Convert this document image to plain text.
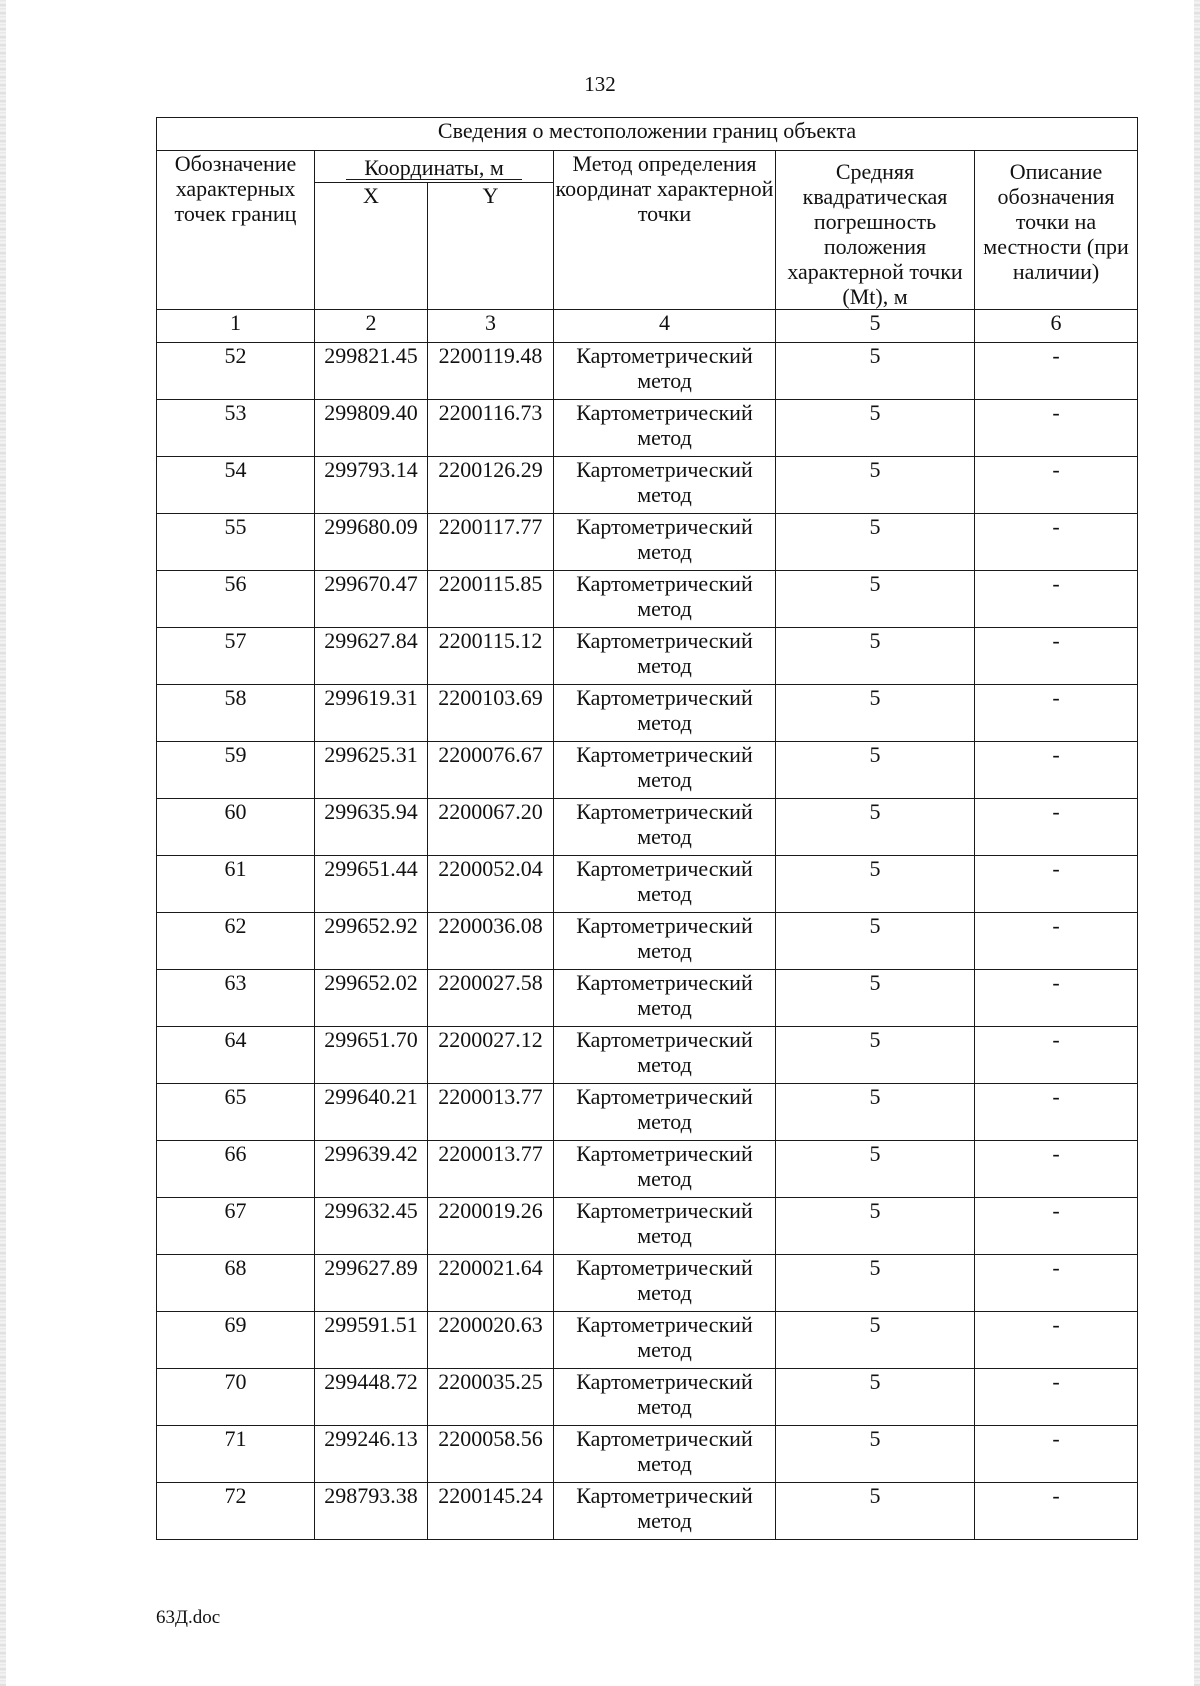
132
Сведения о местоположении границ объекта					
Обозначение характерных точек границ	Координаты, м		Метод определения координат характерной точки	Средняя квадратическая погрешность положения характерной точки (Mt), м	Описание обозначения точки на местности (при наличии)
	X	Y			
1	2	3	4	5	6
52	299821.45	2200119.48	Картометрический метод	5	-
53	299809.40	2200116.73	Картометрический метод	5	-
54	299793.14	2200126.29	Картометрический метод	5	-
55	299680.09	2200117.77	Картометрический метод	5	-
56	299670.47	2200115.85	Картометрический метод	5	-
57	299627.84	2200115.12	Картометрический метод	5	-
58	299619.31	2200103.69	Картометрический метод	5	-
59	299625.31	2200076.67	Картометрический метод	5	-
60	299635.94	2200067.20	Картометрический метод	5	-
61	299651.44	2200052.04	Картометрический метод	5	-
62	299652.92	2200036.08	Картометрический метод	5	-
63	299652.02	2200027.58	Картометрический метод	5	-
64	299651.70	2200027.12	Картометрический метод	5	-
65	299640.21	2200013.77	Картометрический метод	5	-
66	299639.42	2200013.77	Картометрический метод	5	-
67	299632.45	2200019.26	Картометрический метод	5	-
68	299627.89	2200021.64	Картометрический метод	5	-
69	299591.51	2200020.63	Картометрический метод	5	-
70	299448.72	2200035.25	Картометрический метод	5	-
71	299246.13	2200058.56	Картометрический метод	5	-
72	298793.38	2200145.24	Картометрический метод	5	-
63Д.doc
